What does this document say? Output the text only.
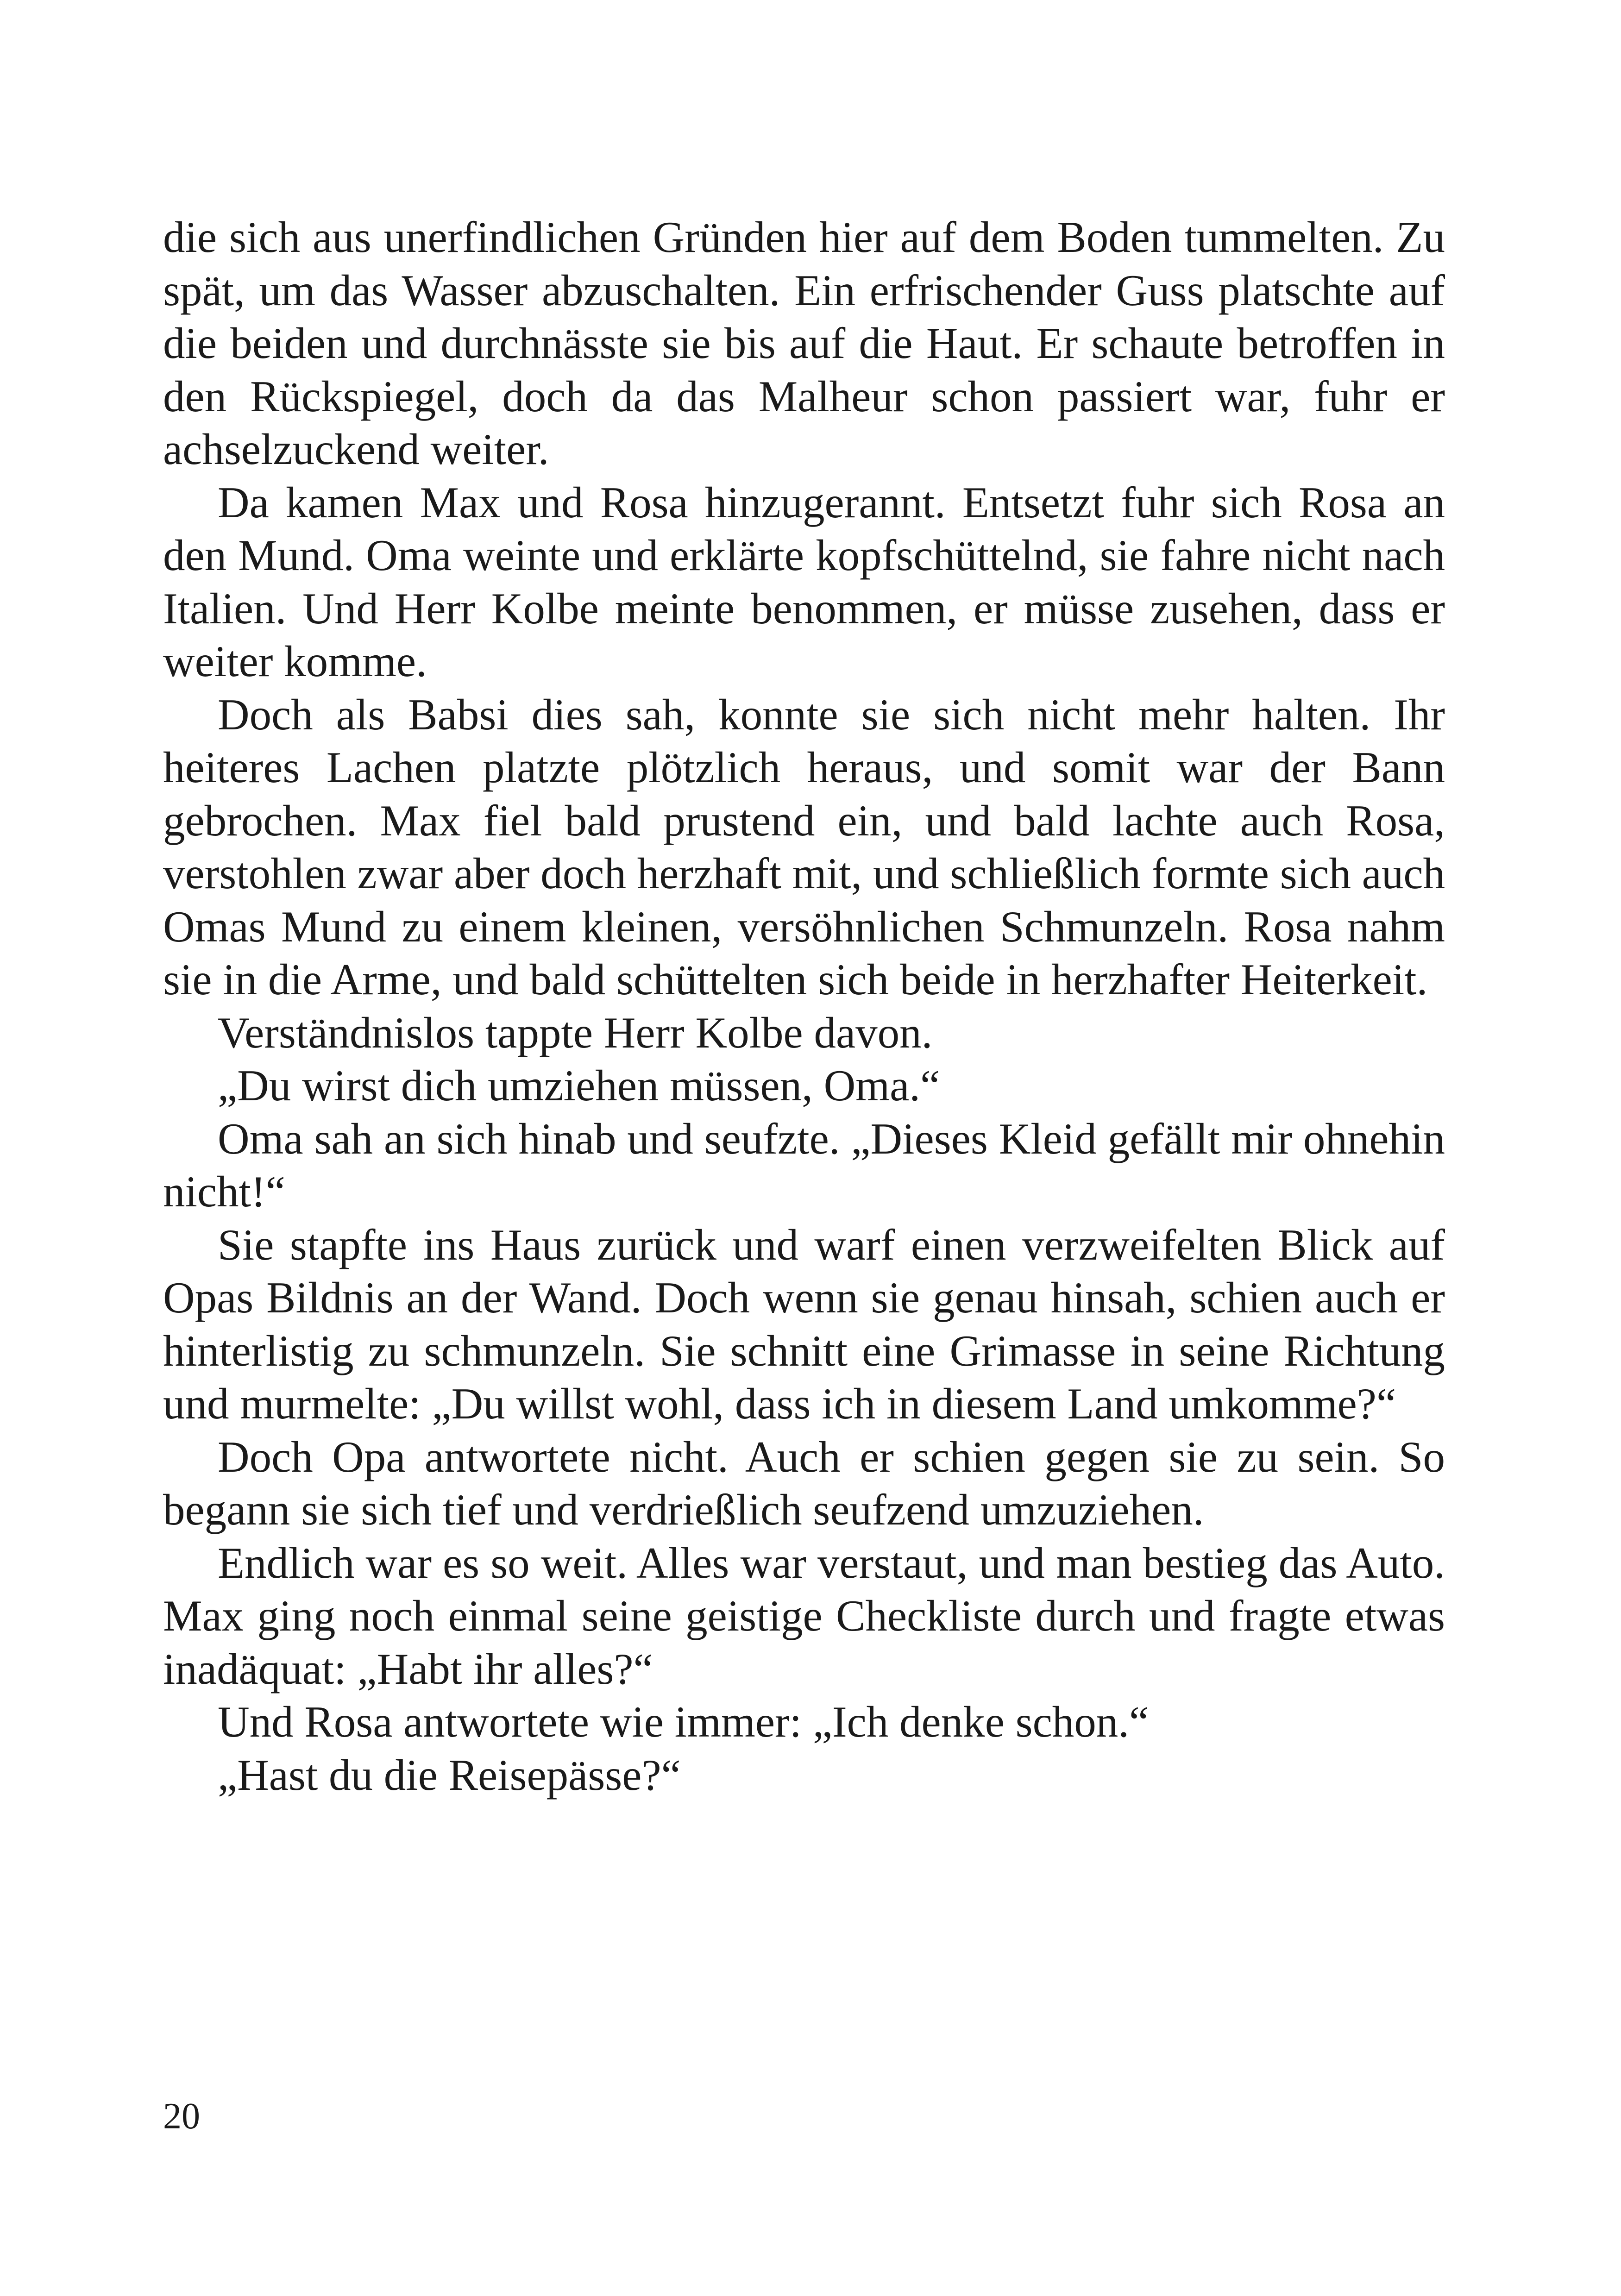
die sich aus unerfindlichen Gründen hier auf dem Boden tummelten. Zu spät, um das Wasser abzuschalten. Ein erfrischender Guss platschte auf die beiden und durchnässte sie bis auf die Haut. Er schaute betroffen in den Rückspiegel, doch da das Malheur schon passiert war, fuhr er achselzuckend weiter.

Da kamen Max und Rosa hinzugerannt. Entsetzt fuhr sich Rosa an den Mund. Oma weinte und erklärte kopfschüttelnd, sie fahre nicht nach Italien. Und Herr Kolbe meinte benommen, er müsse zusehen, dass er weiter komme.

Doch als Babsi dies sah, konnte sie sich nicht mehr halten. Ihr heiteres Lachen platzte plötzlich heraus, und somit war der Bann gebrochen. Max fiel bald prustend ein, und bald lachte auch Rosa, verstohlen zwar aber doch herzhaft mit, und schließlich formte sich auch Omas Mund zu einem kleinen, versöhnlichen Schmunzeln. Rosa nahm sie in die Arme, und bald schüttelten sich beide in herzhafter Heiterkeit.

Verständnislos tappte Herr Kolbe davon.

„Du wirst dich umziehen müssen, Oma.“

Oma sah an sich hinab und seufzte. „Dieses Kleid gefällt mir ohnehin nicht!“

Sie stapfte ins Haus zurück und warf einen verzweifelten Blick auf Opas Bildnis an der Wand. Doch wenn sie genau hinsah, schien auch er hinterlistig zu schmunzeln. Sie schnitt eine Grimasse in seine Richtung und murmelte: „Du willst wohl, dass ich in diesem Land umkomme?“

Doch Opa antwortete nicht. Auch er schien gegen sie zu sein. So begann sie sich tief und verdrießlich seufzend umzuziehen.

Endlich war es so weit. Alles war verstaut, und man bestieg das Auto. Max ging noch einmal seine geistige Checkliste durch und fragte etwas inadäquat: „Habt ihr alles?“

Und Rosa antwortete wie immer: „Ich denke schon.“

„Hast du die Reisepässe?“

20
